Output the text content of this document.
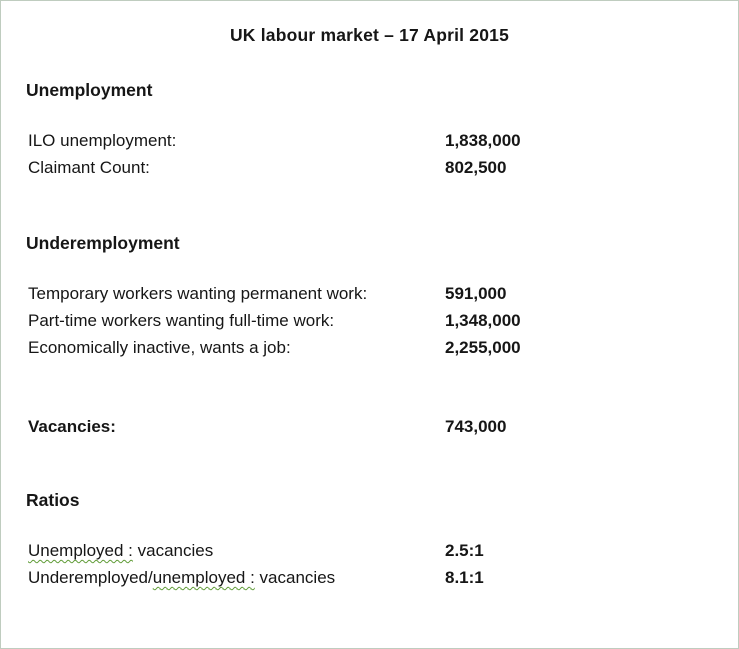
UK labour market – 17 April 2015
Unemployment
ILO unemployment:	1,838,000
Claimant Count:	802,500
Underemployment
Temporary workers wanting permanent work:	591,000
Part-time workers wanting full-time work:	1,348,000
Economically inactive, wants a job:	2,255,000
Vacancies:	743,000
Ratios
Unemployed : vacancies	2.5:1
Underemployed/unemployed : vacancies	8.1:1
